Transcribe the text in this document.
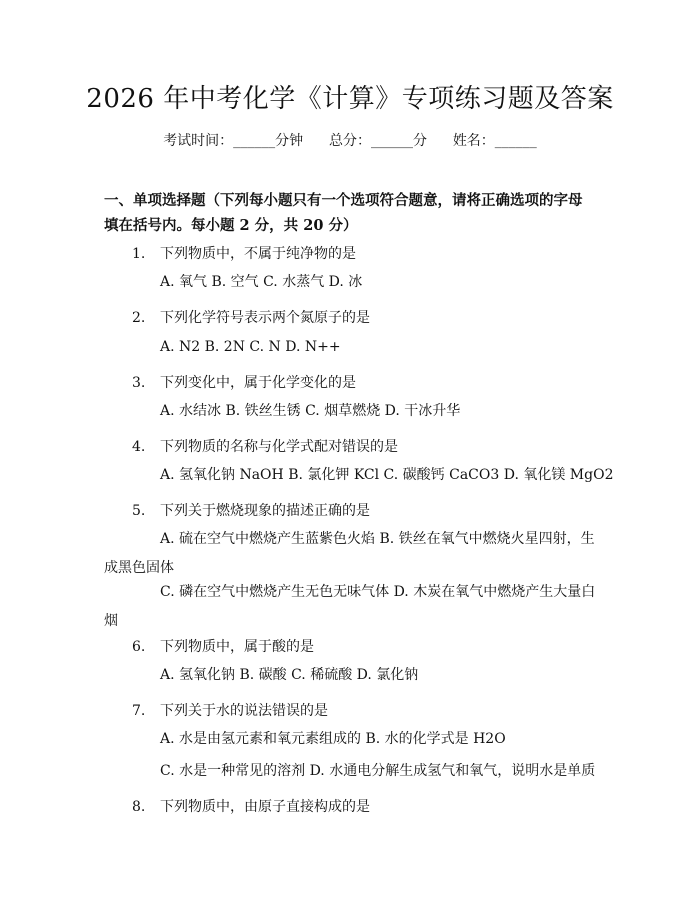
2026 年中考化学《计算》专项练习题及答案
考试时间：______分钟 总分：______分 姓名：______
一、单项选择题（下列每小题只有一个选项符合题意，请将正确选项的字母填在括号内。每小题 2 分，共 20 分）
1.	下列物质中，不属于纯净物的是
A. 氧气 B. 空气 C. 水蒸气 D. 冰
2.	下列化学符号表示两个氮原子的是
A. N2 B. 2N C. N D. N++
3.	下列变化中，属于化学变化的是
A. 水结冰 B. 铁丝生锈 C. 烟草燃烧 D. 干冰升华
4.	下列物质的名称与化学式配对错误的是
A. 氢氧化钠 NaOH B. 氯化钾 KCl C. 碳酸钙 CaCO3 D. 氧化镁 MgO2
5.	下列关于燃烧现象的描述正确的是
A. 硫在空气中燃烧产生蓝紫色火焰 B. 铁丝在氧气中燃烧火星四射，生成黑色固体
C. 磷在空气中燃烧产生无色无味气体 D. 木炭在氧气中燃烧产生大量白烟
6.	下列物质中，属于酸的是
A. 氢氧化钠 B. 碳酸 C. 稀硫酸 D. 氯化钠
7.	下列关于水的说法错误的是
A. 水是由氢元素和氧元素组成的 B. 水的化学式是 H2O
C. 水是一种常见的溶剂 D. 水通电分解生成氢气和氧气，说明水是单质
8.	下列物质中，由原子直接构成的是
